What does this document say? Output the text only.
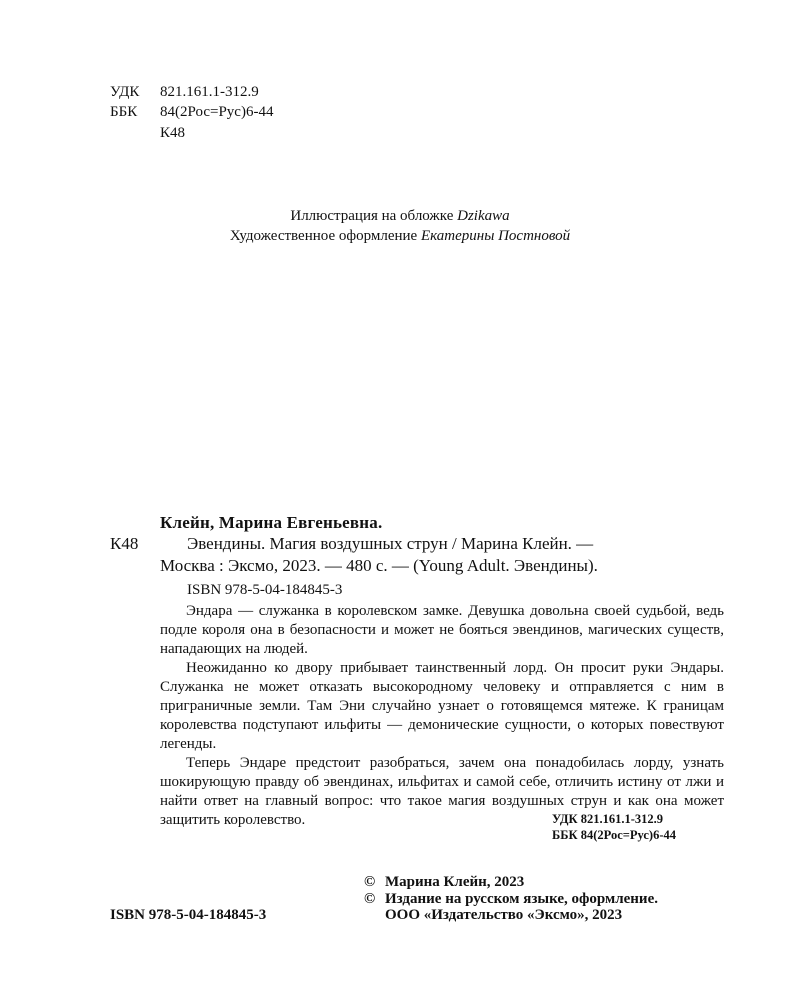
УДК 821.161.1-312.9
ББК 84(2Рос=Рус)6-44
К48
Иллюстрация на обложке Dzikawa
Художественное оформление Екатерины Постновой
Клейн, Марина Евгеньевна.
К48	Эвендины. Магия воздушных струн / Марина Клейн. —
Москва : Эксмо, 2023. — 480 с. — (Young Adult. Эвендины).
ISBN 978-5-04-184845-3

Эндара — служанка в королевском замке. Девушка довольна своей судьбой, ведь подле короля она в безопасности и может не бояться эвендинов, магических существ, нападающих на людей.

Неожиданно ко двору прибывает таинственный лорд. Он просит руки Эндары. Служанка не может отказать высокородному человеку и отправляется с ним в приграничные земли. Там Эни случайно узнает о готовящемся мятеже. К границам королевства подступают ильфиты — демонические сущности, о которых повествуют легенды.

Теперь Эндаре предстоит разобраться, зачем она понадобилась лорду, узнать шокирующую правду об эвендинах, ильфитах и самой себе, отличить истину от лжи и найти ответ на главный вопрос: что такое магия воздушных струн и как она может защитить королевство.	УДК 821.161.1-312.9
ББК 84(2Рос=Рус)6-44
© Марина Клейн, 2023
© Издание на русском языке, оформление.
ООО «Издательство «Эксмо», 2023
ISBN 978-5-04-184845-3
